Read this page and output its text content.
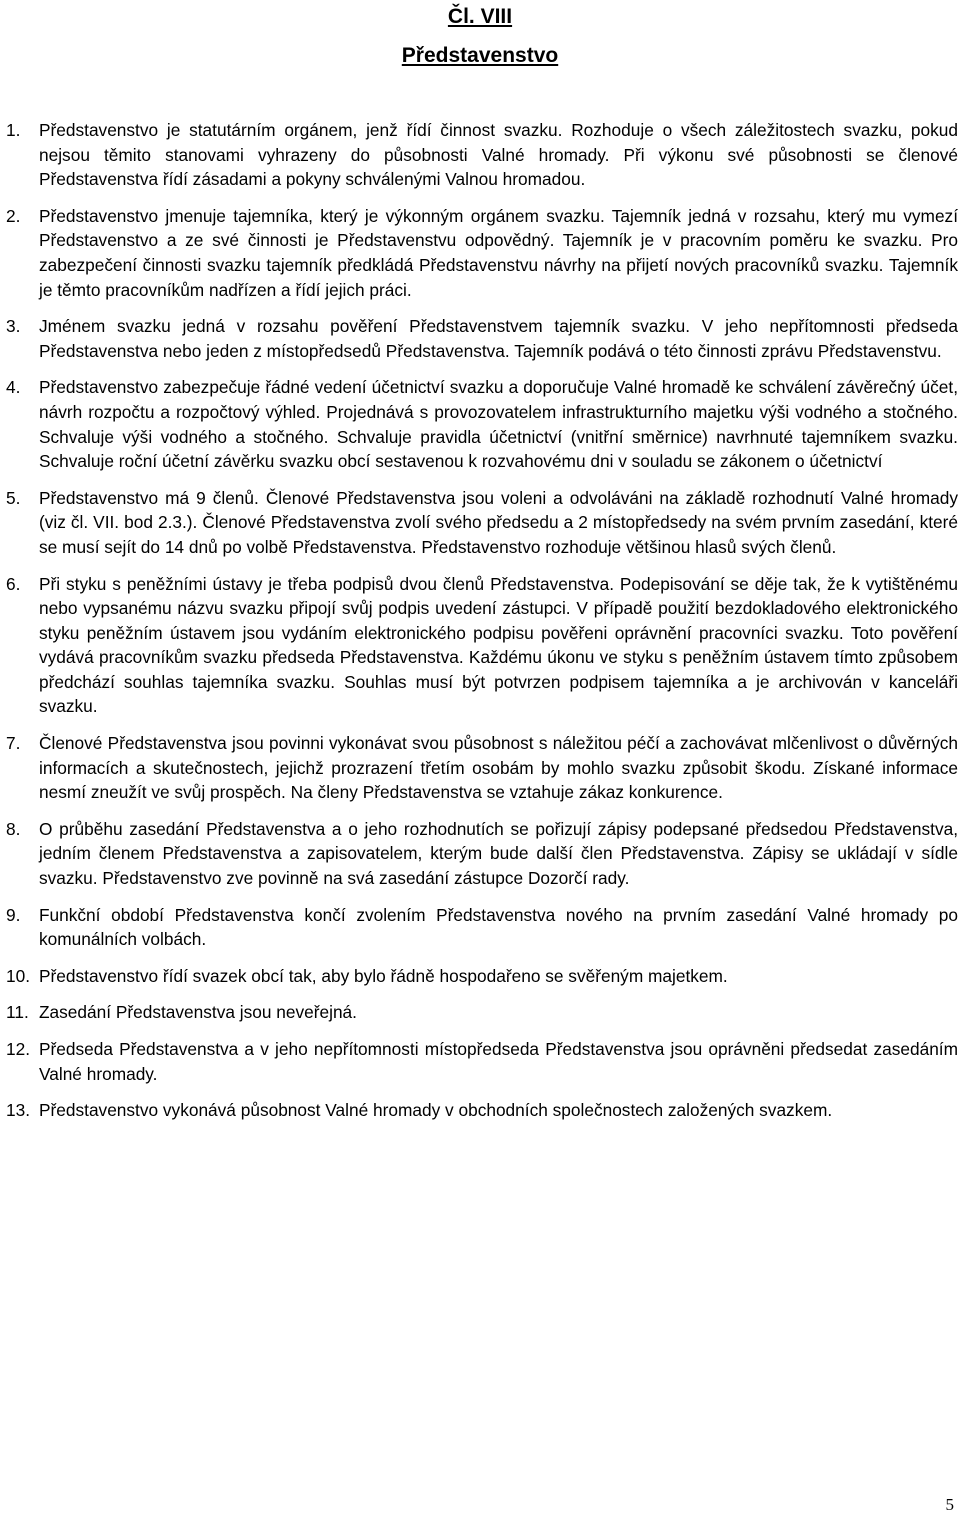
Čl. VIII
Představenstvo
1.	Představenstvo je statutárním orgánem, jenž řídí činnost svazku. Rozhoduje o všech záležitostech svazku, pokud nejsou těmito stanovami vyhrazeny do působnosti Valné hromady. Při výkonu své působnosti se členové Představenstva řídí zásadami a pokyny schválenými Valnou hromadou.
2.	Představenstvo jmenuje tajemníka, který je výkonným orgánem svazku. Tajemník jedná v rozsahu, který mu vymezí Představenstvo a ze své činnosti je Představenstvu odpovědný. Tajemník je v pracovním poměru ke svazku. Pro zabezpečení činnosti svazku tajemník předkládá Představenstvu návrhy na přijetí nových pracovníků svazku. Tajemník je těmto pracovníkům nadřízen a řídí jejich práci.
3.	Jménem svazku jedná v rozsahu pověření Představenstvem tajemník svazku. V jeho nepřítomnosti předseda Představenstva nebo jeden z místopředsedů Představenstva. Tajemník podává o této činnosti zprávu Představenstvu.
4.	Představenstvo zabezpečuje řádné vedení účetnictví svazku a doporučuje Valné hromadě ke schválení závěrečný účet, návrh rozpočtu a rozpočtový výhled. Projednává s provozovatelem infrastrukturního majetku výši vodného a stočného. Schvaluje výši vodného a stočného. Schvaluje pravidla účetnictví (vnitřní směrnice) navrhnuté tajemníkem svazku. Schvaluje roční účetní závěrku svazku obcí sestavenou k rozvahovému dni v souladu se zákonem o účetnictví
5.	Představenstvo má 9 členů. Členové Představenstva jsou voleni a odvoláváni na základě rozhodnutí Valné hromady (viz čl. VII. bod 2.3.). Členové Představenstva zvolí svého předsedu a 2 místopředsedy na svém prvním zasedání, které se musí sejít do 14 dnů po volbě Představenstva. Představenstvo rozhoduje většinou hlasů svých členů.
6.	Při styku s peněžními ústavy je třeba podpisů dvou členů Představenstva. Podepisování se děje tak, že k vytištěnému nebo vypsanému názvu svazku připojí svůj podpis uvedení zástupci. V případě použití bezdokladového elektronického styku peněžním ústavem jsou vydáním elektronického podpisu pověřeni oprávnění pracovníci svazku. Toto pověření vydává pracovníkům svazku předseda Představenstva. Každému úkonu ve styku s peněžním ústavem tímto způsobem předchází souhlas tajemníka svazku. Souhlas musí být potvrzen podpisem tajemníka a je archivován v kanceláři svazku.
7.	Členové Představenstva jsou povinni vykonávat svou působnost s náležitou péčí a zachovávat mlčenlivost o důvěrných informacích a skutečnostech, jejichž prozrazení třetím osobám by mohlo svazku způsobit škodu. Získané informace nesmí zneužít ve svůj prospěch. Na členy Představenstva se vztahuje zákaz konkurence.
8.	O průběhu zasedání Představenstva a o jeho rozhodnutích se pořizují zápisy podepsané předsedou Představenstva, jedním členem Představenstva a zapisovatelem, kterým bude další člen Představenstva. Zápisy se ukládají v sídle svazku. Představenstvo zve povinně na svá zasedání zástupce Dozorčí rady.
9.	Funkční období Představenstva končí zvolením Představenstva nového na prvním zasedání Valné hromady po komunálních volbách.
10. Představenstvo řídí svazek obcí tak, aby bylo řádně hospodařeno se svěřeným majetkem.
11. Zasedání Představenstva jsou neveřejná.
12. Předseda Představenstva a v jeho nepřítomnosti místopředseda Představenstva jsou oprávněni předsedat zasedáním Valné hromady.
13. Představenstvo vykonává působnost Valné hromady v obchodních společnostech založených svazkem.
5
